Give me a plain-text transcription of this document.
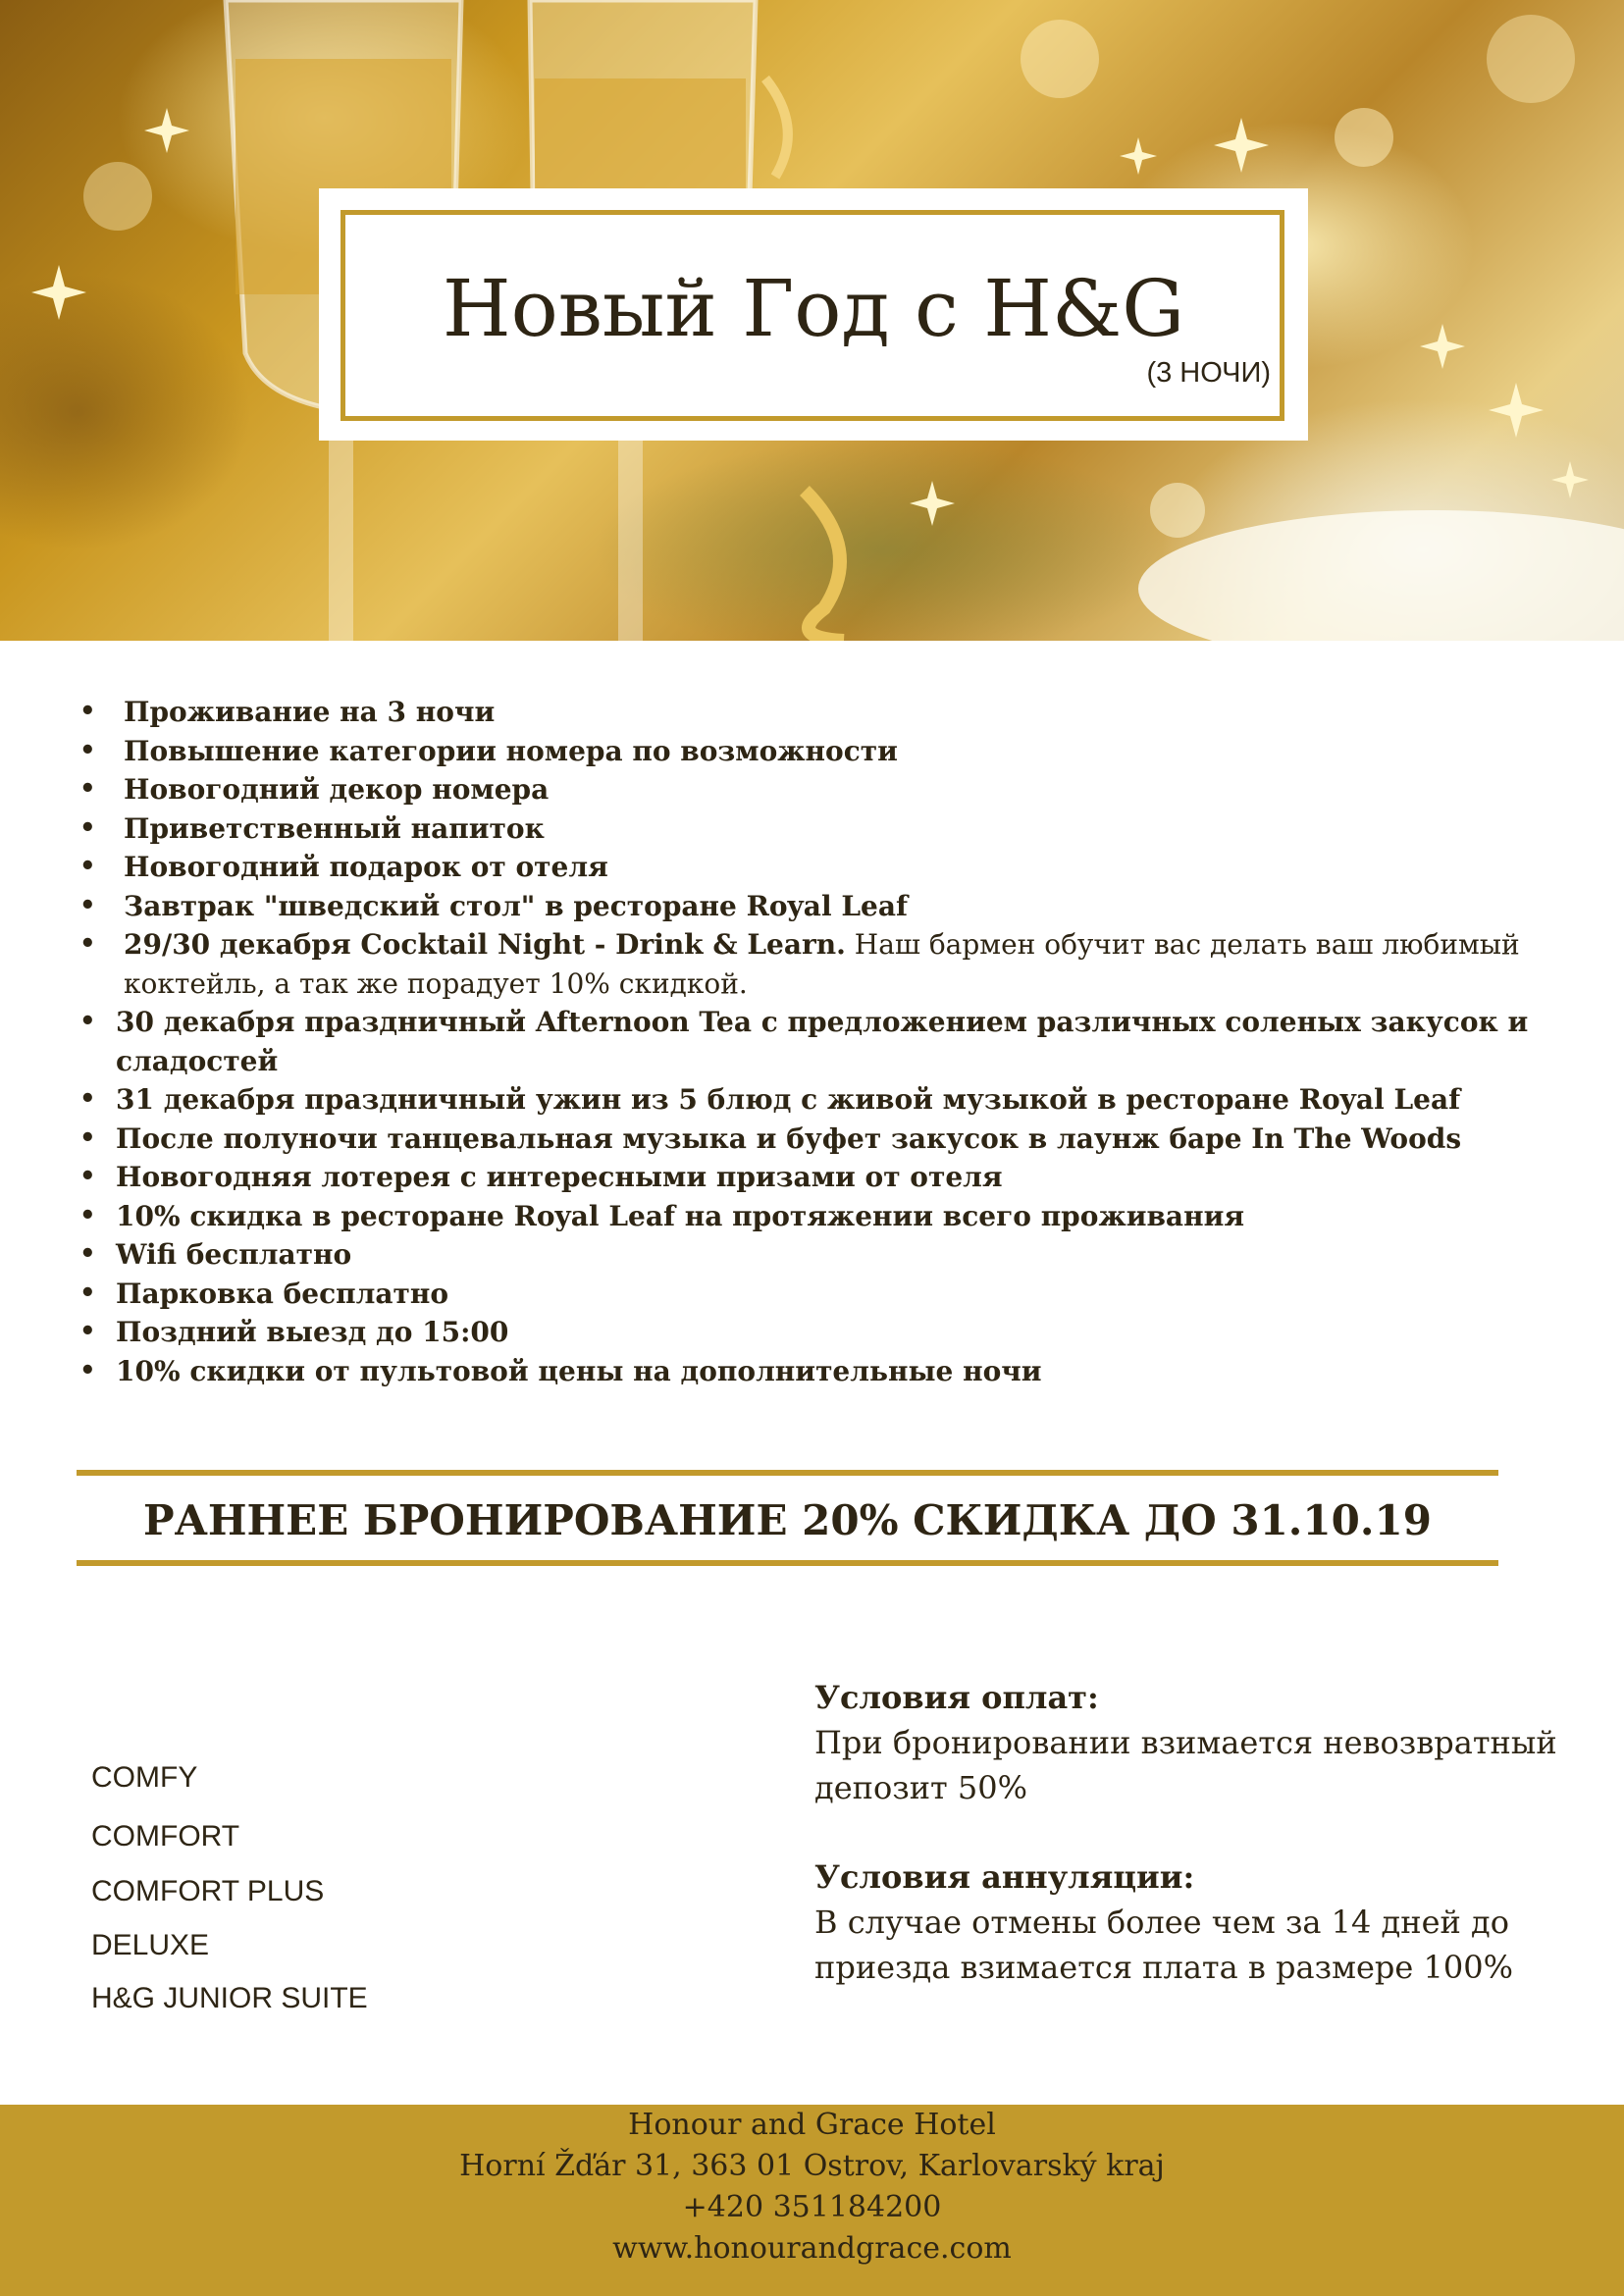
Новый Год с H&G
(3 НОЧИ)
• Проживание на 3 ночи
• Повышение категории номера по возможности
• Новогодний декор номера
• Приветственный напиток
• Новогодний подарок от отеля
• Завтрак "шведский стол" в ресторане Royal Leaf
• 29/30 декабря Cocktail Night - Drink & Learn. Наш бармен обучит вас делать ваш любимый коктейль, а так же порадует 10% скидкой.
• 30 декабря праздничный Afternoon Tea с предложением различных соленых закусок и сладостей
• 31 декабря праздничный ужин из 5 блюд с живой музыкой в ресторане Royal Leaf
• После полуночи танцевальная музыка и буфет закусок в лаунж баре In The Woods
• Новогодняя лотерея с интересными призами от отеля
• 10% скидка в ресторане Royal Leaf на протяжении всего проживания
• Wifi бесплатно
• Парковка бесплатно
• Поздний выезд до 15:00
• 10% скидки от пультовой цены на дополнительные ночи
РАННЕЕ БРОНИРОВАНИЕ 20% СКИДКА ДО 31.10.19
COMFY
COMFORT
COMFORT PLUS
DELUXE
H&G JUNIOR SUITE
Условия оплат:

При бронировании взимается невозвратный депозит 50%

Условия аннуляции:

В случае отмены более чем за 14 дней до приезда взимается плата в размере 100%

Honour and Grace Hotel
Horní Žďár 31, 363 01 Ostrov, Karlovarský kraj
+420 351184200
www.honourandgrace.com
